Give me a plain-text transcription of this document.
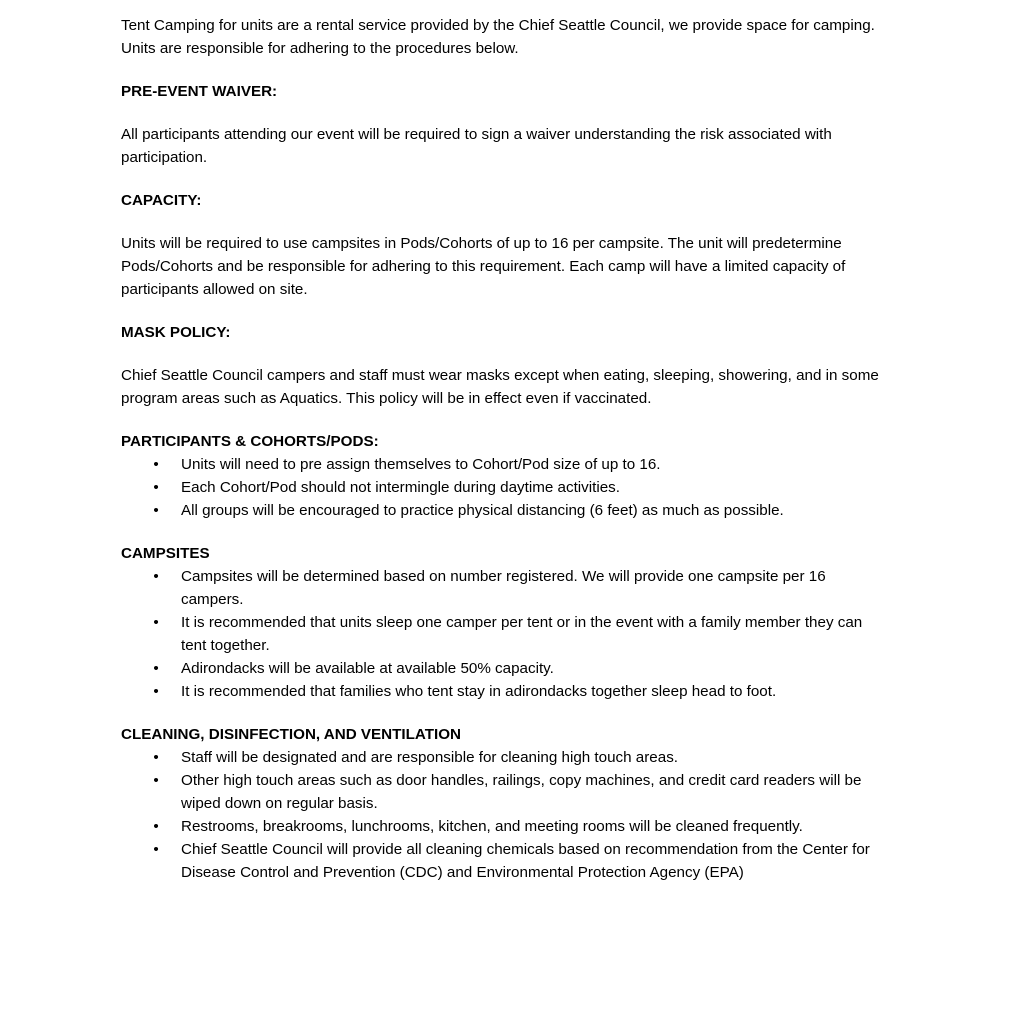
Tent Camping for units are a rental service provided by the Chief Seattle Council, we provide space for camping. Units are responsible for adhering to the procedures below.

PRE-EVENT WAIVER:

All participants attending our event will be required to sign a waiver understanding the risk associated with participation.

CAPACITY:

Units will be required to use campsites in Pods/Cohorts of up to 16 per campsite. The unit will predetermine Pods/Cohorts and be responsible for adhering to this requirement. Each camp will have a limited capacity of participants allowed on site.

MASK POLICY:

Chief Seattle Council campers and staff must wear masks except when eating, sleeping, showering, and in some program areas such as Aquatics. This policy will be in effect even if vaccinated.

PARTICIPANTS & COHORTS/PODS:

• Units will need to pre assign themselves to Cohort/Pod size of up to 16.
• Each Cohort/Pod should not intermingle during daytime activities.
• All groups will be encouraged to practice physical distancing (6 feet) as much as possible.

CAMPSITES

• Campsites will be determined based on number registered. We will provide one campsite per 16 campers.
• It is recommended that units sleep one camper per tent or in the event with a family member they can tent together.
• Adirondacks will be available at available 50% capacity.
• It is recommended that families who tent stay in adirondacks together sleep head to foot.

CLEANING, DISINFECTION, AND VENTILATION

• Staff will be designated and are responsible for cleaning high touch areas.
• Other high touch areas such as door handles, railings, copy machines, and credit card readers will be wiped down on regular basis.
• Restrooms, breakrooms, lunchrooms, kitchen, and meeting rooms will be cleaned frequently.
• Chief Seattle Council will provide all cleaning chemicals based on recommendation from the Center for Disease Control and Prevention (CDC) and Environmental Protection Agency (EPA)
